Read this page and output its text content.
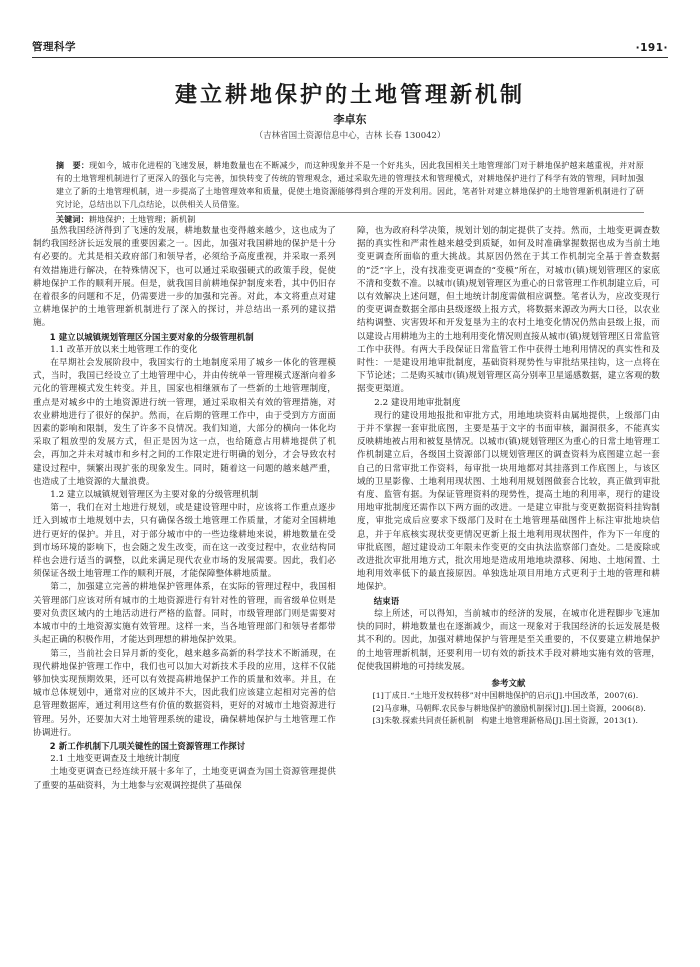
管理科学	·191·
建立耕地保护的土地管理新机制
李卓东
（吉林省国土资源信息中心，吉林 长春 130042）
摘　要：现如今，城市化进程的飞速发展，耕地数量也在不断减少，而这种现象并不是一个好兆头，因此我国相关土地管理部门对于耕地保护越来越重视，并对原有的土地管理机制进行了更深入的强化与完善，加快转变了传统的管理观念，通过采取先进的管理技术和管理模式，对耕地保护进行了科学有效的管理，同时加强建立了新的土地管理机制，进一步提高了土地管理效率和质量，促使土地资源能够得到合理的开发利用。因此，笔者针对建立耕地保护的土地管理新机制进行了研究讨论，总结出以下几点结论，以供相关人员借鉴。
关键词：耕地保护；土地管理；新机制

虽然我国经济得到了飞速的发展，耕地数量也变得越来越少，这也成为了制约我国经济长远发展的重要因素之一。因此，加强对我国耕地的保护是十分有必要的。尤其是相关政府部门和领导者，必须给予高度重视，并采取一系列有效措施进行解决，在特殊情况下，也可以通过采取强硬式的政策手段，促使耕地保护工作的顺利开展。但是，就我国目前耕地保护制度来看，其中仍旧存在着很多的问题和不足，仍需要进一步的加强和完善。对此，本文将重点对建立耕地保护的土地管理新机制进行了深入的探讨，并总结出一系列的建议措施。

1 建立以城镇规划管理区分国主要对象的分级管理机制

1.1 改革开放以来土地管理工作的变化

在早期社会发展阶段中，我国实行的土地制度采用了城乡一体化的管理模式，当时，我国已经设立了土地管理中心，并由传统单一管理模式逐渐向着多元化的管理模式发生转变。并且，国家也相继颁布了一些新的土地管理制度，重点是对城乡中的土地资源进行统一管理，通过采取相关有效的管理措施，对农业耕地进行了很好的保护。然而，在后期的管理工作中，由于受到方方面面因素的影响和限制，发生了许多不良情况。我们知道，大部分的横向一体化均采取了粗放型的发展方式，但正是因为这一点，也给随意占用耕地提供了机会，再加之并未对城市和乡村之间的工作限定进行明确的划分，才会导致农村建设过程中，频繁出现扩张的现象发生。同时，随着这一问题的越来越严重，也造成了土地资源的大量浪费。

1.2 建立以城镇规划管理区为主要对象的分级管理机制

第一，我们在对土地进行规划，或是建设管理中时，应该将工作重点逐步迁入到城市土地规划中去，只有确保各级土地管理工作质量，才能对全国耕地进行更好的保护。并且，对于部分城市中的一些边缘耕地来说，耕地数量在受到市场环境的影响下，也会随之发生改变，而在这一改变过程中，农业结构同样也会进行适当的调整，以此来满足现代农业市场的发展需要。因此，我们必须保证各级土地管理工作的顺利开展，才能保障整体耕地质量。

第二，加强建立完善的耕地保护管理体系，在实际的管理过程中，我国相关管理部门应该对所有城市的土地资源进行有针对性的管理，而省级单位则是要对负责区域内的土地活动进行严格的监督。同时，市级管理部门则是需要对本城市中的土地资源实施有效管理。这样一来，当各地管理部门和领导者都带头起正确的积极作用，才能达到理想的耕地保护效果。

第三，当前社会日异月新的变化，越来越多高新的科学技术不断涌现，在现代耕地保护管理工作中，我们也可以加大对新技术手段的应用，这样不仅能够加快实现预期效果，还可以有效提高耕地保护工作的质量和效率。并且，在城市总体规划中，通常对应的区域并不大，因此我们应该建立起相对完善的信息管理数据库，通过利用这些有价值的数据资料，更好的对城市土地资源进行管理。另外，还要加大对土地管理系统的建设，确保耕地保护与土地管理工作协调进行。

2 新工作机制下几项关键性的国土资源管理工作探讨

2.1 土地变更调查及土地统计制度

土地变更调查已经连续开展十多年了，土地变更调查为国土资源管理提供了重要的基础资料，为土地参与宏观调控提供了基础保

障，也为政府科学决策，规划计划的制定提供了支持。然而，土地变更调查数据的真实性和严肃性越来越受到质疑，如何及时准确掌握数据也成为当前土地变更调查所面临的重大挑战。其原因仍然在于其工作机制完全基于普查数据的“泛”字上，没有找准变更调查的“变模”所在，对城市(镇)规划管理区的家底不清和变数不准。以城市(镇)规划管理区为重心的日常管理工作机制建立后，可以有效解决上述问题，但土地统计制度需做相应调整。笔者认为，应改变现行的变更调查数据全部由县级逐级上报方式，将数据来源改为两大口径，以农业结构调整、灾害毁坏和开发复垦为主的农村土地变化情况仍然由县级上报，而以建设占用耕地为主的土地利用变化情况则直接从城市(镇)规划管理区日常监管工作中获得。有两大手段保证日常监管工作中获得土地利用情况的真实性和及时性：一是建设用地审批制度，基础资料现势性与审批结果挂钩，这一点将在下节论述；二是购买城市(镇)规划管理区高分别率卫星遥感数据，建立客观的数据变更渠道。

2.2 建设用地审批制度

现行的建设用地报批和审批方式，用地地块资料由属地提供，上级部门由于并不掌握一套审批底图，主要是基于文字的书面审核，漏洞很多，不能真实反映耕地被占用和被复垦情况。以城市(镇)规划管理区为重心的日常土地管理工作机制建立后，各级国土资源部门以规划管理区的调查资料为底图建立起一套自己的日常审批工作资料，每审批一块用地都对其挂落到工作底图上，与该区域的卫星影像、土地利用现状图、土地利用规划图做套合比较，真正做到审批有度、监管有据。为保证管理资料的现势性，提高土地的利用率，现行的建设用地审批制度还需作以下两方面的改进。一是建立审批与变更数据资料挂钩制度，审批完成后应要求下级部门及时在土地管理基础图件上标注审批地块信息，并于年底核实现状变更情况更新上报土地利用现状图件，作为下一年度的审批底图，超过建设动工年限未作变更的交由执法监察部门查处。二是废除或改进批次审批用地方式，批次用地是造成用地地块漂移、闲地、土地闲置、土地利用效率低下的最直接原因。单独选址项目用地方式更利于土地的管理和耕地保护。

结束语

综上所述，可以得知，当前城市的经济的发展，在城市化进程脚步飞速加快的同时，耕地数量也在逐渐减少，而这一现象对于我国经济的长远发展是极其不利的。因此，加强对耕地保护与管理是至关重要的，不仅要建立耕地保护的土地管理新机制，还要利用一切有效的新技术手段对耕地实施有效的管理，促使我国耕地的可持续发展。

参考文献

[1]丁成日.“土地开发权转移”对中国耕地保护的启示[J].中国改革，2007(6).

[2]马彦琳，马朝辉.农民参与耕地保护的激励机制探讨[J].国土资源，2006(8).

[3]朱敬.探索共同责任新机制　构建土地管理新格局[J].国土资源，2013(1).
